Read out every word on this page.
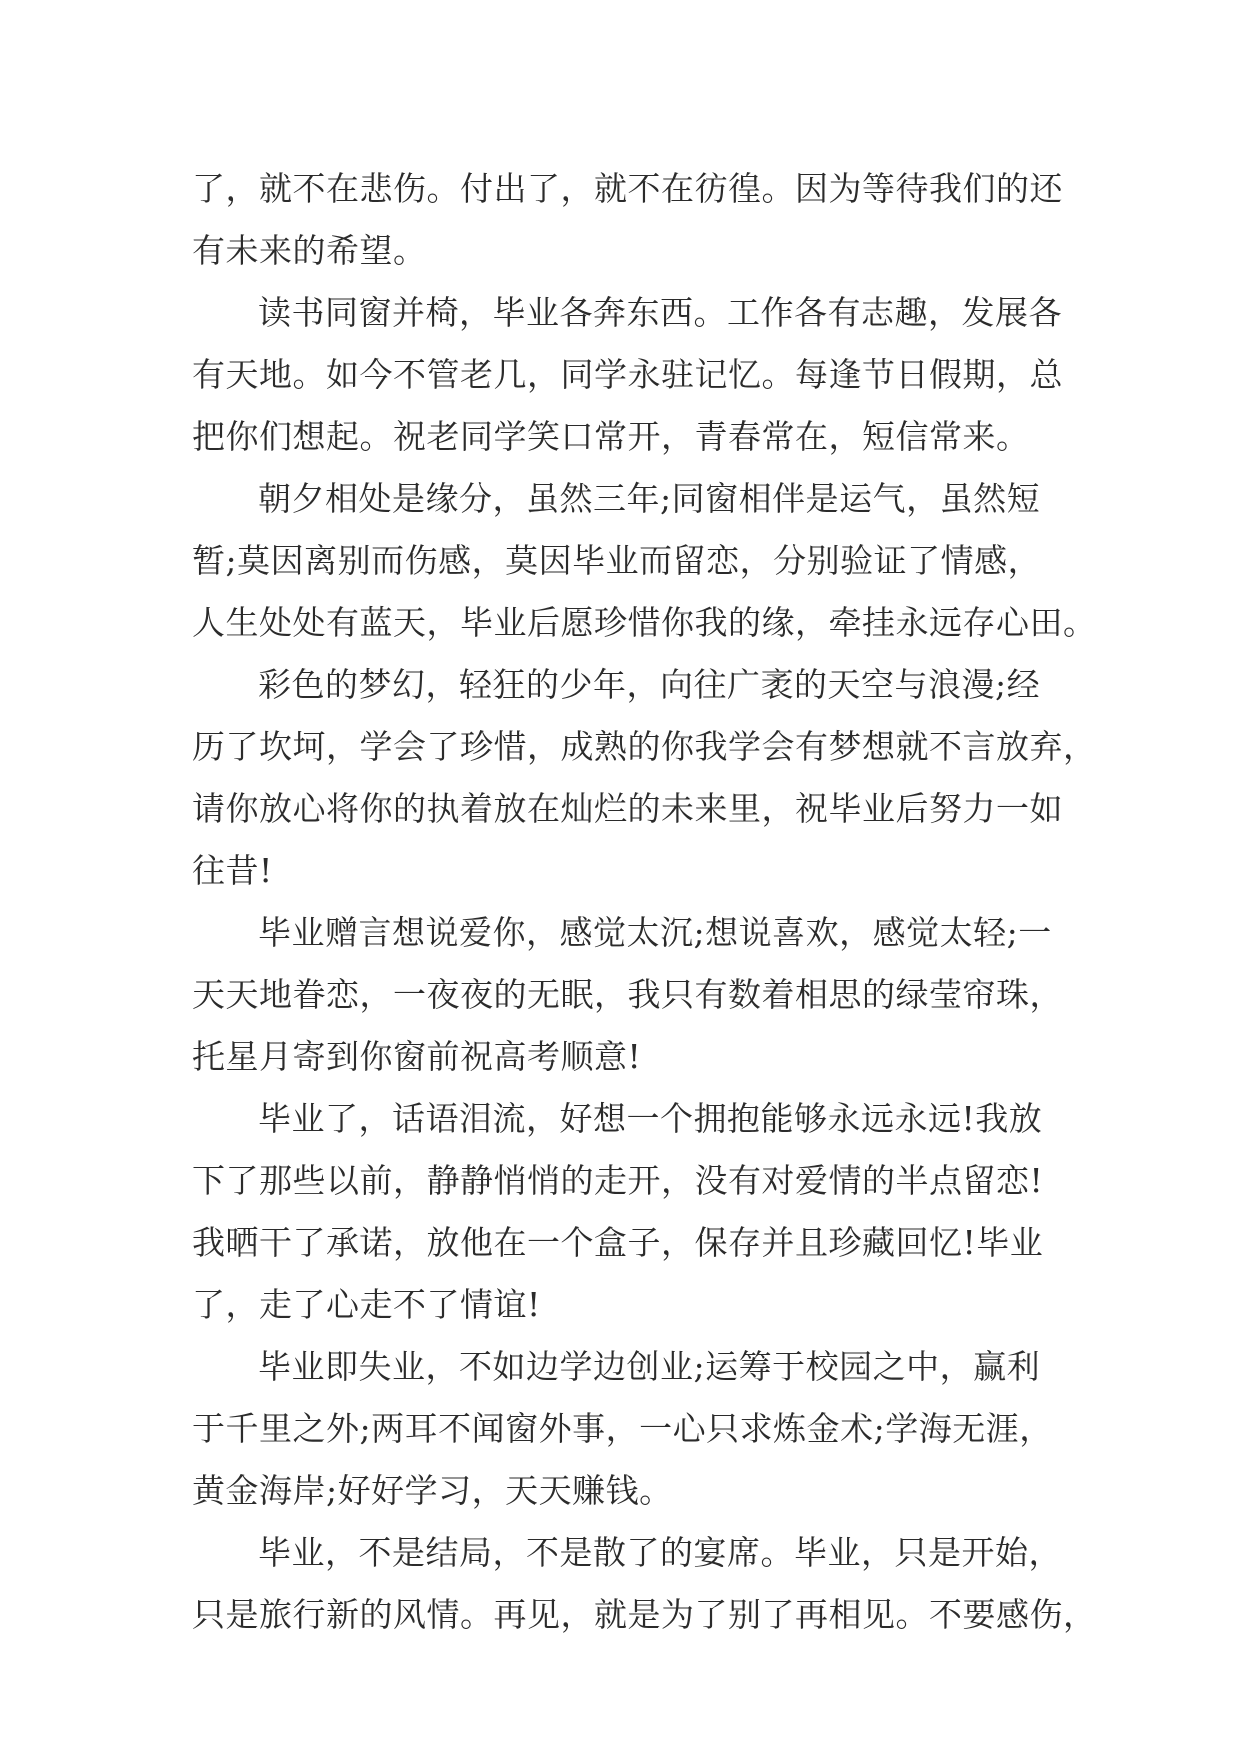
了，就不在悲伤。付出了，就不在彷徨。因为等待我们的还
有未来的希望。
读书同窗并椅，毕业各奔东西。工作各有志趣，发展各
有天地。如今不管老几，同学永驻记忆。每逢节日假期，总
把你们想起。祝老同学笑口常开，青春常在，短信常来。
朝夕相处是缘分，虽然三年;同窗相伴是运气，虽然短
暂;莫因离别而伤感，莫因毕业而留恋，分别验证了情感，
人生处处有蓝天，毕业后愿珍惜你我的缘，牵挂永远存心田。
彩色的梦幻，轻狂的少年，向往广袤的天空与浪漫;经
历了坎坷，学会了珍惜，成熟的你我学会有梦想就不言放弃，
请你放心将你的执着放在灿烂的未来里，祝毕业后努力一如
往昔!
毕业赠言想说爱你，感觉太沉;想说喜欢，感觉太轻;一
天天地眷恋，一夜夜的无眠，我只有数着相思的绿莹帘珠，
托星月寄到你窗前祝高考顺意!
毕业了，话语泪流，好想一个拥抱能够永远永远!我放
下了那些以前，静静悄悄的走开，没有对爱情的半点留恋!
我晒干了承诺，放他在一个盒子，保存并且珍藏回忆!毕业
了，走了心走不了情谊!
毕业即失业，不如边学边创业;运筹于校园之中，赢利
于千里之外;两耳不闻窗外事，一心只求炼金术;学海无涯，
黄金海岸;好好学习，天天赚钱。
毕业，不是结局，不是散了的宴席。毕业，只是开始，
只是旅行新的风情。再见，就是为了别了再相见。不要感伤，
